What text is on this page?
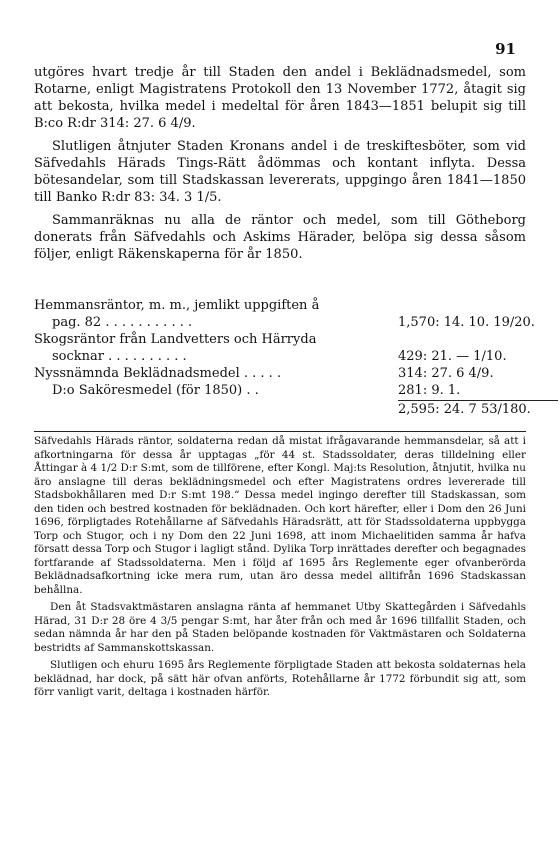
91

utgöres hvart tredje år till Staden den andel i Beklädnadsmedel, som Rotarne, enligt Magistratens Protokoll den 13 November 1772, åtagit sig att bekosta, hvilka medel i medeltal för åren 1843—1851 belupit sig till B:co R:dr 314: 27. 6 4/9.

Slutligen åtnjuter Staden Kronans andel i de treskiftesböter, som vid Säfvedahls Härads Tings-Rätt ådömmas och kontant inflyta. Dessa bötesandelar, som till Stadskassan levererats, uppgingo åren 1841—1850 till Banko R:dr 83: 34. 3 1/5.

Sammanräknas nu alla de räntor och medel, som till Götheborg donerats från Säfvedahls och Askims Härader, belöpa sig dessa såsom följer, enligt Räkenskaperna för år 1850.

Hemmansräntor, m. m., jemlikt uppgiften å
pag. 82 . . . . . . . . . . .	1,570: 14. 10. 19/20.
Skogsräntor från Landvetters och Härryda
socknar . . . . . . . . . .	429: 21. — 1/10.
Nyssnämnda Beklädnadsmedel . . . . .	314: 27. 6 4/9.
D:o Saköresmedel (för 1850) . .	281: 9. 1.
2,595: 24. 7 53/180.

Säfvedahls Härads räntor, soldaterna redan då mistat ifrågavarande hemmansdelar, så att i afkortningarna för dessa år upptagas „för 44 st. Stadssoldater, deras tilldelning eller Åttingar à 4 1/2 D:r S:mt, som de tillförene, efter Kongl. Maj:ts Resolution, åtnjutit, hvilka nu äro anslagne till deras beklädningsmedel och efter Magistratens ordres levererade till Stadsbokhållaren med D:r S:mt 198.“ Dessa medel ingingo derefter till Stadskassan, som den tiden och bestred kostnaden för beklädnaden. Och kort härefter, eller i Dom den 26 Juni 1696, förpligtades Rotehållarne af Säfvedahls Häradsrätt, att för Stadssoldaterna uppbygga Torp och Stugor, och i ny Dom den 22 Juni 1698, att inom Michaelitiden samma år hafva försatt dessa Torp och Stugor i lagligt stånd. Dylika Torp inrättades derefter och begagnades fortfarande af Stadssoldaterna. Men i följd af 1695 års Reglemente eger ofvanberörda Beklädnadsafkortning icke mera rum, utan äro dessa medel alltifrån 1696 Stadskassan behållna.

Den åt Stadsvaktmästaren anslagna ränta af hemmanet Utby Skattegården i Säfvedahls Härad, 31 D:r 28 öre 4 3/5 pengar S:mt, har åter från och med år 1696 tillfallit Staden, och sedan nämnda år har den på Staden belöpande kostnaden för Vaktmästaren och Soldaterna bestridts af Sammanskottskassan.

Slutligen och ehuru 1695 års Reglemente förpligtade Staden att bekosta soldaternas hela beklädnad, har dock, på sätt här ofvan anförts, Rotehållarne år 1772 förbundit sig att, som förr vanligt varit, deltaga i kostnaden härför.
